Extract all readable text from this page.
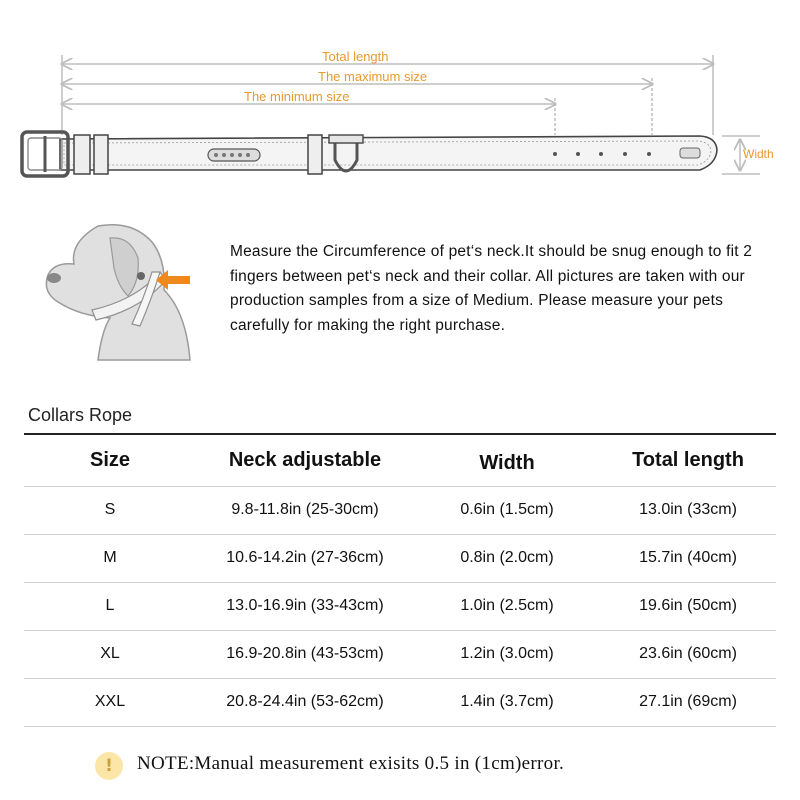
Total length
The maximum size
The minimum size
Width
Measure the Circumference of pet‘s neck.It should be snug enough to fit 2 fingers between pet‘s neck and their collar. All pictures are taken with our production samples from a size of Medium. Please measure your pets carefully for making the right purchase.
Collars Rope
Size	Neck adjustable	Width	Total length
S	9.8-11.8in (25-30cm)	0.6in (1.5cm)	13.0in (33cm)
M	10.6-14.2in (27-36cm)	0.8in (2.0cm)	15.7in (40cm)
L	13.0-16.9in (33-43cm)	1.0in (2.5cm)	19.6in (50cm)
XL	16.9-20.8in (43-53cm)	1.2in (3.0cm)	23.6in (60cm)
XXL	20.8-24.4in (53-62cm)	1.4in (3.7cm)	27.1in (69cm)
!	NOTE:Manual measurement exisits 0.5 in (1cm)error.
